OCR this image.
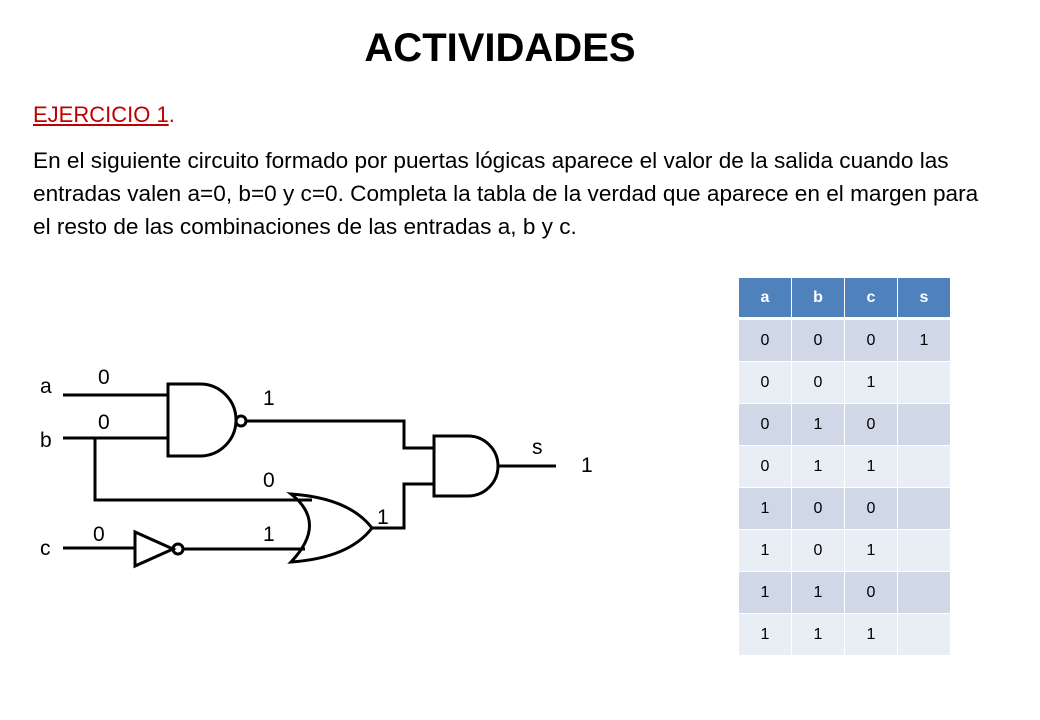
ACTIVIDADES
EJERCICIO 1.
En el siguiente circuito formado por puertas lógicas aparece el valor de la salida cuando las entradas valen a=0, b=0 y c=0. Completa la tabla de la verdad que aparece en el margen para el resto de las combinaciones de las entradas a, b y c.
a
b
c
s
0
0
0
1
0
1
1
1
a	b	c	s
0	0	0	1
0	0	1	
0	1	0	
0	1	1	
1	0	0	
1	0	1	
1	1	0	
1	1	1	
